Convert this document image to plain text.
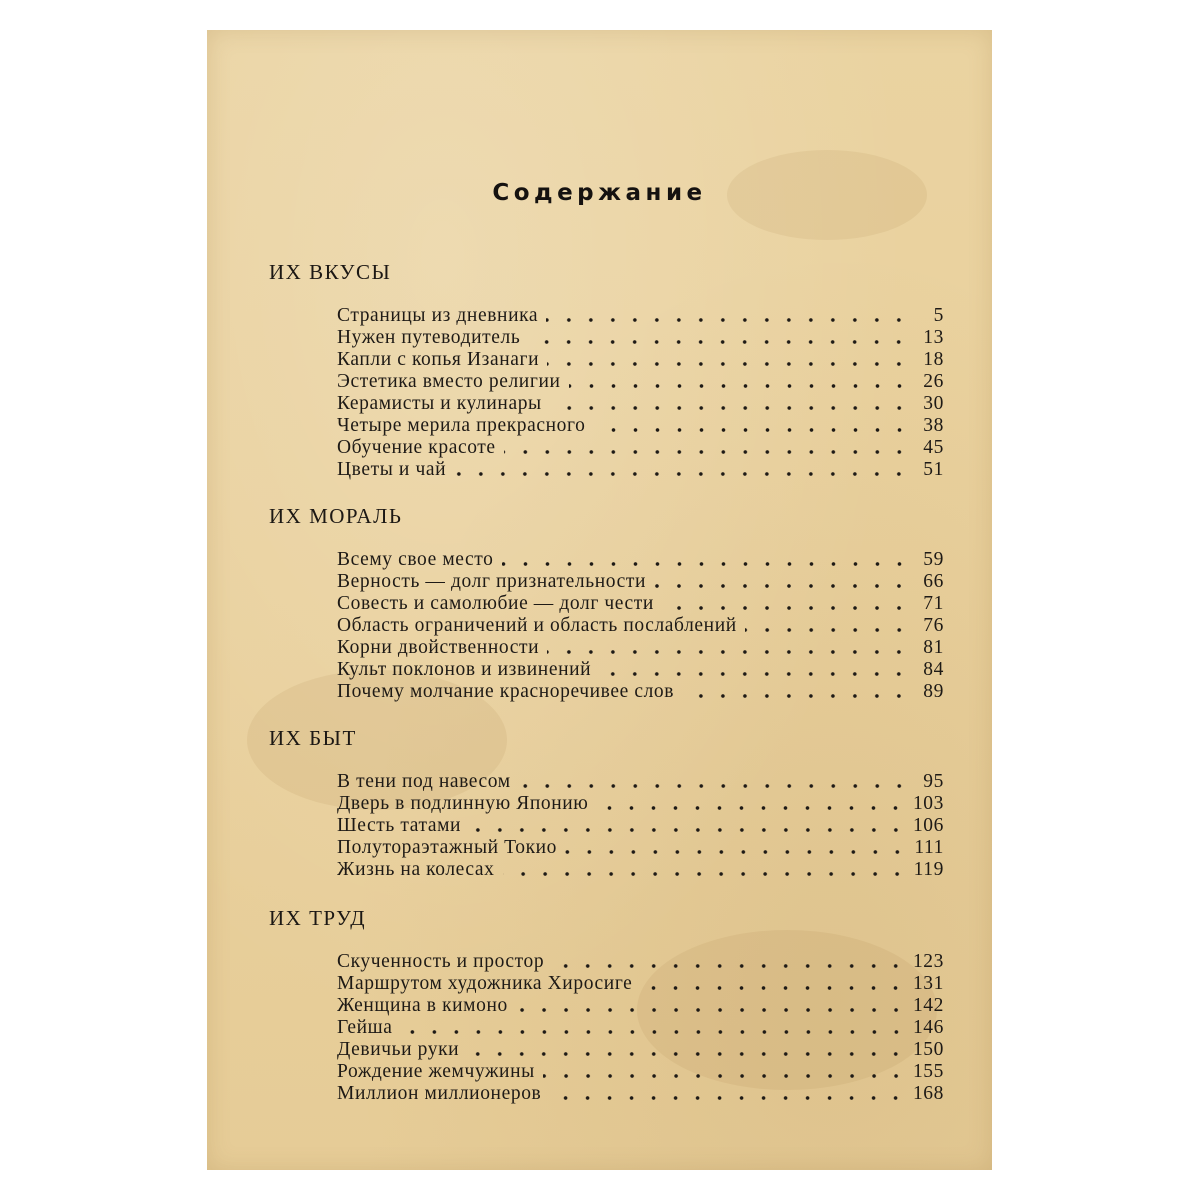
Содержание
ИХ ВКУСЫ
Страницы из дневника	5
Нужен путеводитель	13
Капли с копья Изанаги	18
Эстетика вместо религии	26
Керамисты и кулинары	30
Четыре мерила прекрасного	38
Обучение красоте	45
Цветы и чай	51
ИХ МОРАЛЬ
Всему свое место	59
Верность — долг признательности	66
Совесть и самолюбие — долг чести	71
Область ограничений и область послаблений	76
Корни двойственности	81
Культ поклонов и извинений	84
Почему молчание красноречивее слов	89
ИХ БЫТ
В тени под навесом	95
Дверь в подлинную Японию	103
Шесть татами	106
Полутораэтажный Токио	111
Жизнь на колесах	119
ИХ ТРУД
Скученность и простор	123
Маршрутом художника Хиросиге	131
Женщина в кимоно	142
Гейша	146
Девичьи руки	150
Рождение жемчужины	155
Миллион миллионеров	168
